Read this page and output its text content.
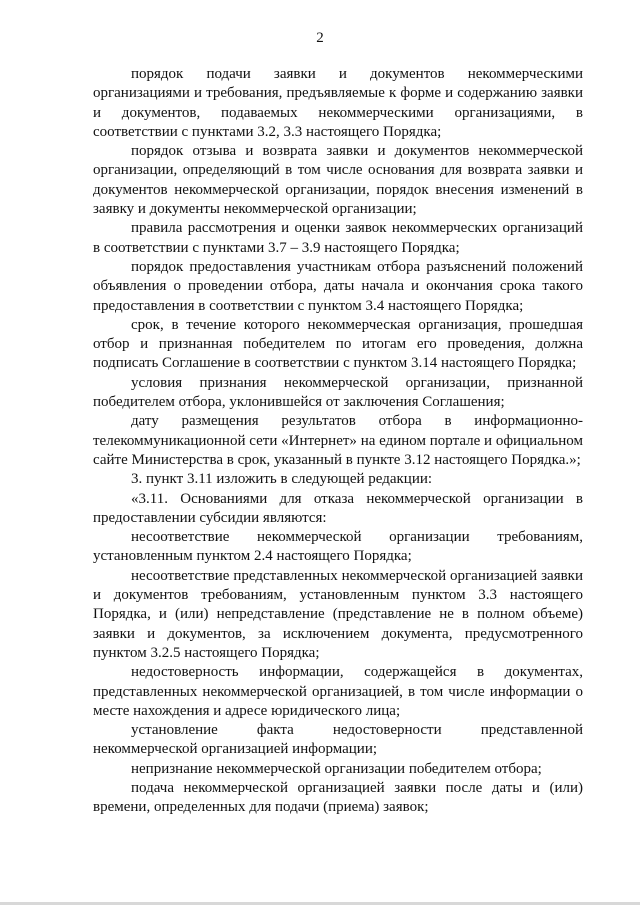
2

порядок подачи заявки и документов некоммерческими организациями и требования, предъявляемые к форме и содержанию заявки и документов, подаваемых некоммерческими организациями, в соответствии с пунктами 3.2, 3.3 настоящего Порядка;

порядок отзыва и возврата заявки и документов некоммерческой организации, определяющий в том числе основания для возврата заявки и документов некоммерческой организации, порядок внесения изменений в заявку и документы некоммерческой организации;

правила рассмотрения и оценки заявок некоммерческих организаций в соответствии с пунктами 3.7 – 3.9 настоящего Порядка;

порядок предоставления участникам отбора разъяснений положений объявления о проведении отбора, даты начала и окончания срока такого предоставления в соответствии с пунктом 3.4 настоящего Порядка;

срок, в течение которого некоммерческая организация, прошедшая отбор и признанная победителем по итогам его проведения, должна подписать Соглашение в соответствии с пунктом 3.14 настоящего Порядка;

условия признания некоммерческой организации, признанной победителем отбора, уклонившейся от заключения Соглашения;

дату размещения результатов отбора в информационно-телекоммуникационной сети «Интернет» на едином портале и официальном сайте Министерства в срок, указанный в пункте 3.12 настоящего Порядка.»;

3. пункт 3.11 изложить в следующей редакции:

«3.11. Основаниями для отказа некоммерческой организации в предоставлении субсидии являются:

несоответствие некоммерческой организации требованиям, установленным пунктом 2.4 настоящего Порядка;

несоответствие представленных некоммерческой организацией заявки и документов требованиям, установленным пунктом 3.3 настоящего Порядка, и (или) непредставление (представление не в полном объеме) заявки и документов, за исключением документа, предусмотренного пунктом 3.2.5 настоящего Порядка;

недостоверность информации, содержащейся в документах, представленных некоммерческой организацией, в том числе информации о месте нахождения и адресе юридического лица;

установление факта недостоверности представленной некоммерческой организацией информации;

непризнание некоммерческой организации победителем отбора;

подача некоммерческой организацией заявки после даты и (или) времени, определенных для подачи (приема) заявок;
